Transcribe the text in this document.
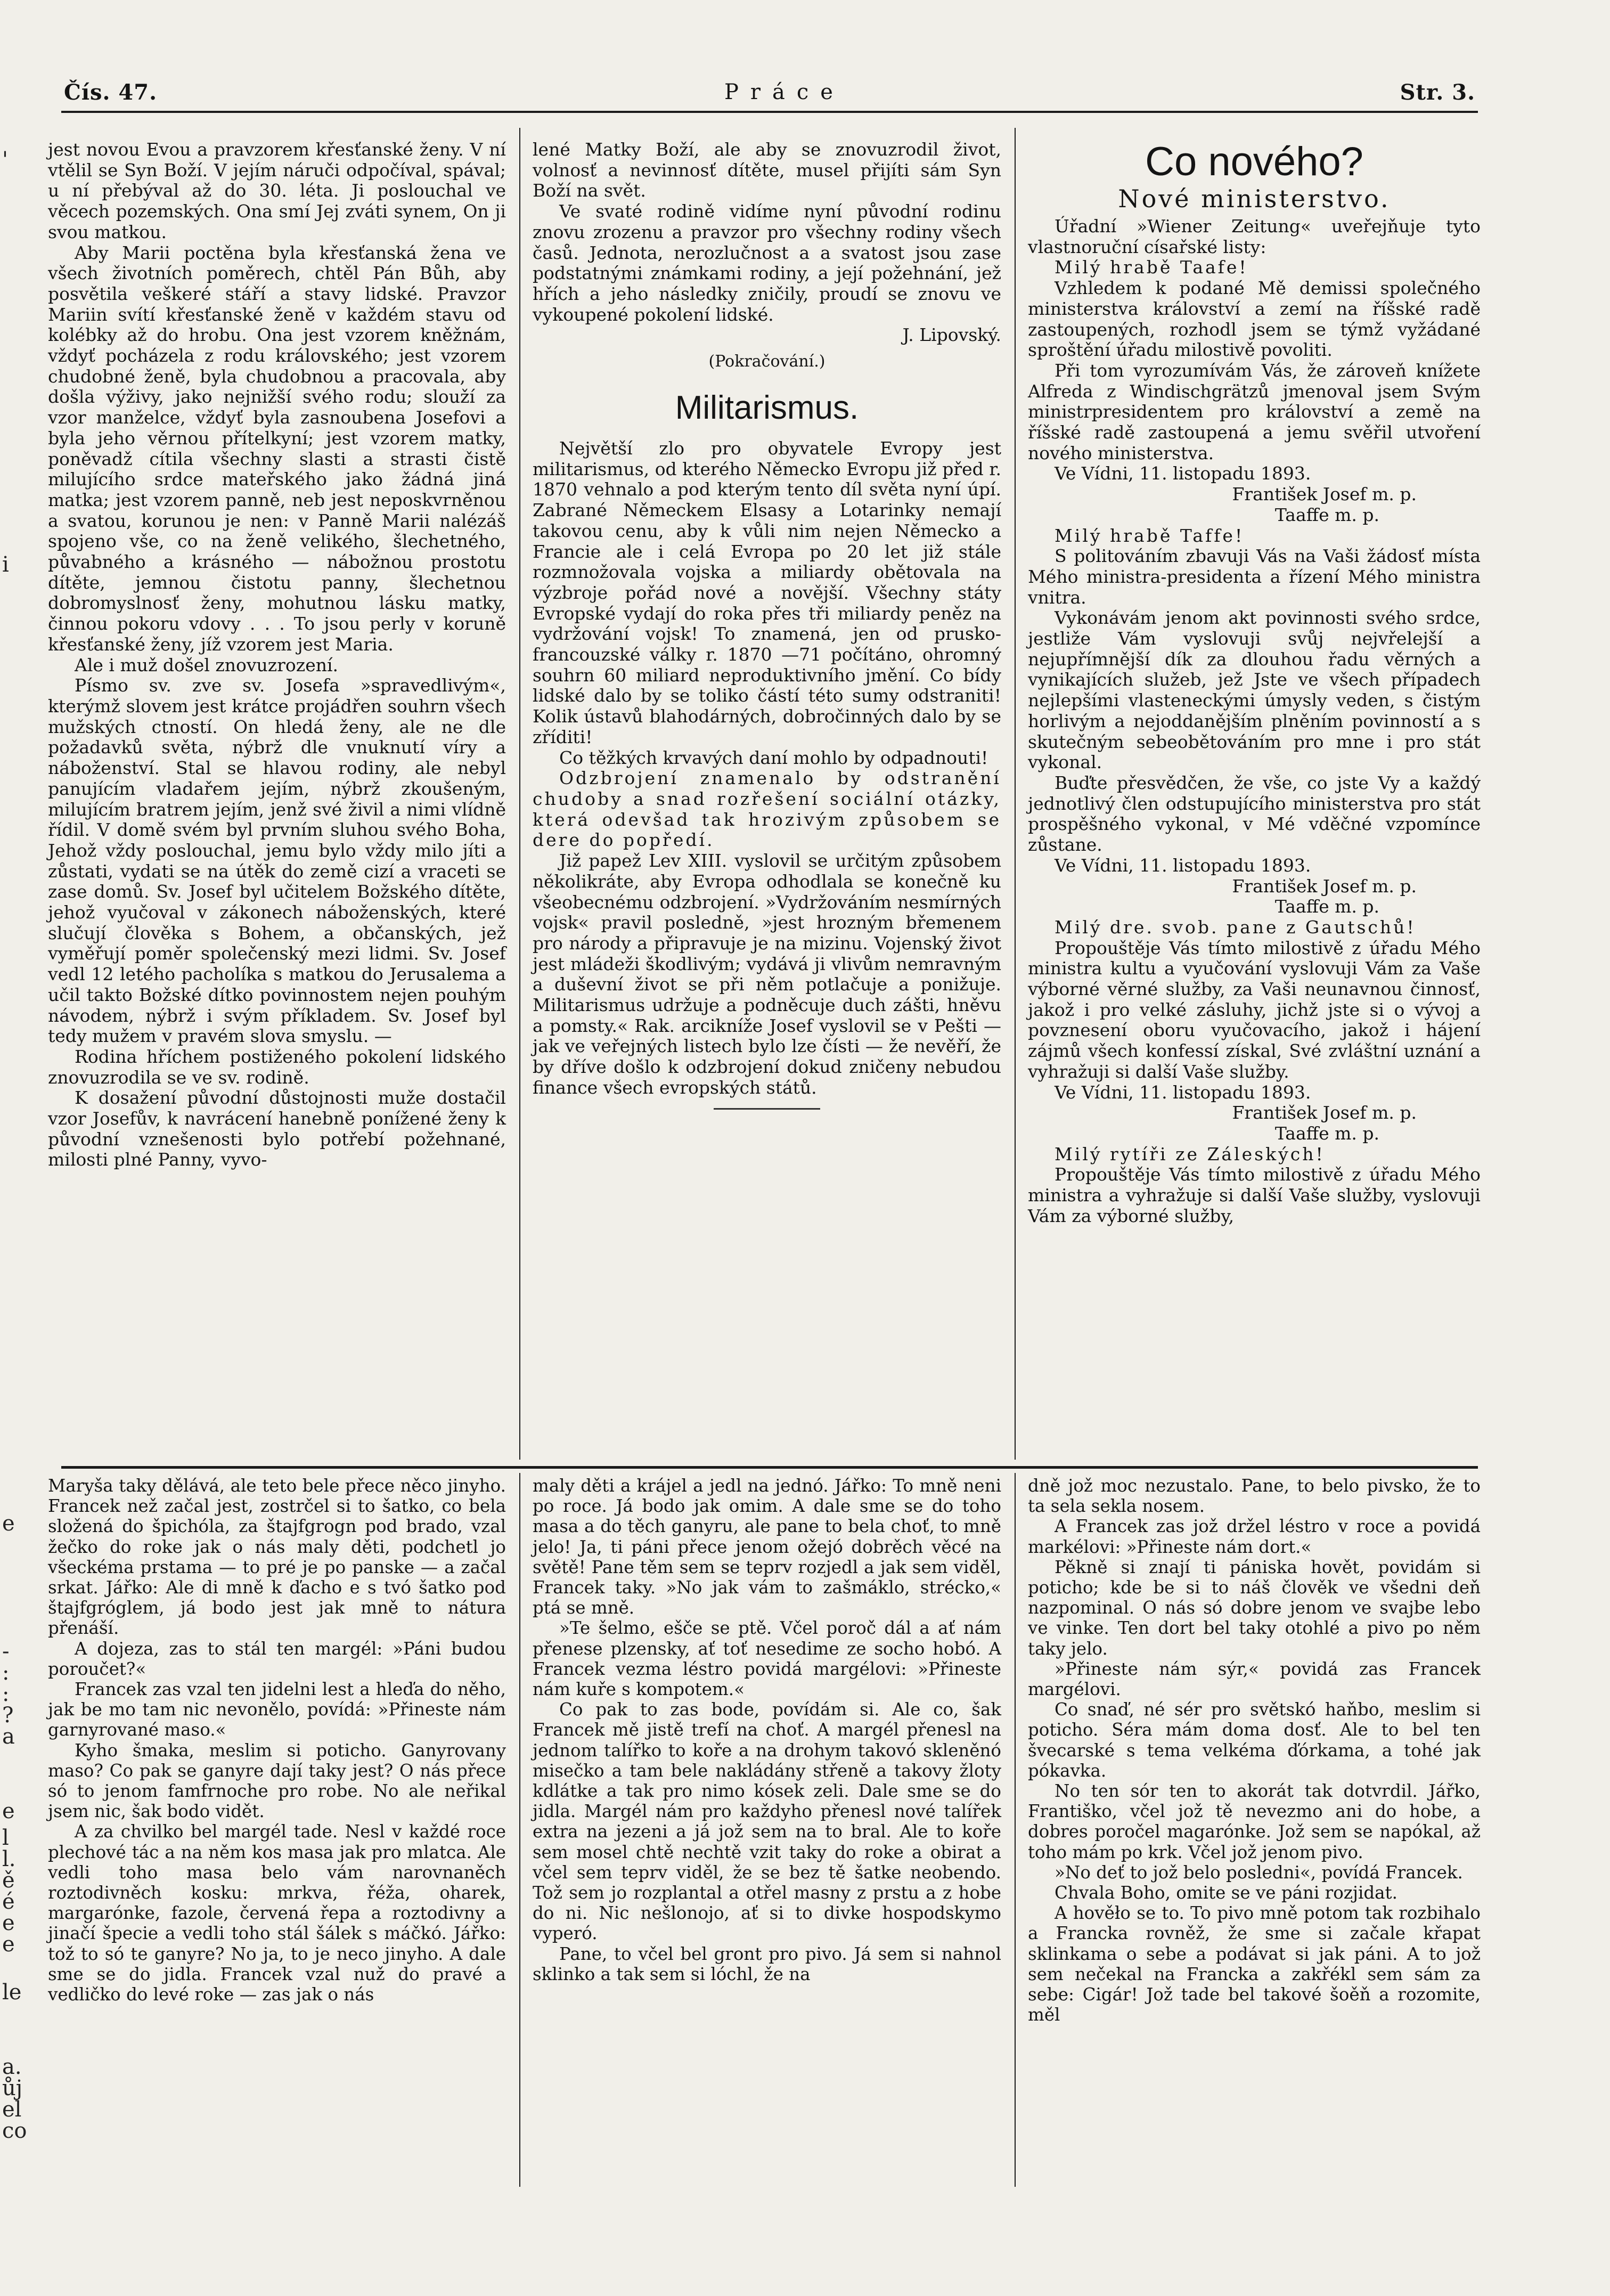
'
i
e
-
:
:
?
a
e
l
l.
ě
é
e
e
le
a.
ůj
el
co
Čís. 47.	Práce	Str. 3.

jest novou Evou a pravzorem křesťanské ženy. V ní vtělil se Syn Boží. V jejím náruči odpočíval, spával; u ní přebýval až do 30. léta. Ji poslouchal ve věcech pozemských. Ona smí Jej zváti synem, On ji svou matkou.

Aby Marii poctěna byla křesťanská žena ve všech životních poměrech, chtěl Pán Bůh, aby posvětila veškeré stáří a stavy lidské. Pravzor Mariin svítí křesťanské ženě v každém stavu od kolébky až do hrobu. Ona jest vzorem kněžnám, vždyť pocházela z rodu královského; jest vzorem chudobné ženě, byla chudobnou a pracovala, aby došla výživy, jako nejnižší svého rodu; slouží za vzor manželce, vždyť byla zasnoubena Josefovi a byla jeho věrnou přítelkyní; jest vzorem matky, poněvadž cítila všechny slasti a strasti čistě milujícího srdce mateřského jako žádná jiná matka; jest vzorem panně, neb jest neposkvrněnou a svatou, korunou je nen: v Panně Marii nalézáš spojeno vše, co na ženě velikého, šlechetného, půvabného a krásného — nábožnou prostotu dítěte, jemnou čistotu panny, šlechetnou dobromyslnosť ženy, mohutnou lásku matky, činnou pokoru vdovy . . . To jsou perly v koruně křesťanské ženy, jíž vzorem jest Maria.

Ale i muž došel znovuzrození.

Písmo sv. zve sv. Josefa »spravedlivým«, kterýmž slovem jest krátce projádřen souhrn všech mužských ctností. On hledá ženy, ale ne dle požadavků světa, nýbrž dle vnuknutí víry a náboženství. Stal se hlavou rodiny, ale nebyl panujícím vladařem jejím, nýbrž zkoušeným, milujícím bratrem jejím, jenž své živil a nimi vlídně řídil. V domě svém byl prvním sluhou svého Boha, Jehož vždy poslouchal, jemu bylo vždy milo jíti a zůstati, vydati se na útěk do země cizí a vraceti se zase domů. Sv. Josef byl učitelem Božského dítěte, jehož vyučoval v zákonech náboženských, které slučují člověka s Bohem, a občanských, jež vyměřují poměr společenský mezi lidmi. Sv. Josef vedl 12 letého pacholíka s matkou do Jerusalema a učil takto Božské dítko povinnostem nejen pouhým návodem, nýbrž i svým příkladem. Sv. Josef byl tedy mužem v pravém slova smyslu. —

Rodina hříchem postiženého pokolení lidského znovuzrodila se ve sv. rodině.

K dosažení původní důstojnosti muže dostačil vzor Josefův, k navrácení hanebně ponížené ženy k původní vznešenosti bylo potřebí požehnané, milosti plné Panny, vyvo-

lené Matky Boží, ale aby se znovuzrodil život, volnosť a nevinnosť dítěte, musel přijíti sám Syn Boží na svět.

Ve svaté rodině vidíme nyní původní rodinu znovu zrozenu a pravzor pro všechny rodiny všech časů. Jednota, nerozlučnost a a svatost jsou zase podstatnými známkami rodiny, a její požehnání, jež hřích a jeho následky zničily, proudí se znovu ve vykoupené pokolení lidské.

J. Lipovský.

(Pokračování.)
Militarismus.

Největší zlo pro obyvatele Evropy jest militarismus, od kterého Německo Evropu již před r. 1870 vehnalo a pod kterým tento díl světa nyní úpí. Zabrané Německem Elsasy a Lotarinky nemají takovou cenu, aby k vůli nim nejen Německo a Francie ale i celá Evropa po 20 let již stále rozmnožovala vojska a miliardy obětovala na výzbroje pořád nové a novější. Všechny státy Evropské vydají do roka přes tři miliardy peněz na vydržování vojsk! To znamená, jen od prusko-francouzské války r. 1870 —71 počítáno, ohromný souhrn 60 miliard neproduktivního jmění. Co bídy lidské dalo by se toliko částí této sumy odstraniti! Kolik ústavů blahodárných, dobročinných dalo by se zříditi!

Co těžkých krvavých daní mohlo by odpadnouti!

Odzbrojení znamenalo by odstranění chudoby a snad rozřešení sociální otázky, která odevšad tak hrozivým způsobem se dere do popředí.

Již papež Lev XIII. vyslovil se určitým způsobem několikráte, aby Evropa odhodlala se konečně ku všeobecnému odzbrojení. »Vydržováním nesmírných vojsk« pravil posledně, »jest hrozným břemenem pro národy a připravuje je na mizinu. Vojenský život jest mládeži škodlivým; vydává ji vlivům nemravným a duševní život se při něm potlačuje a ponižuje. Militarismus udržuje a podněcuje duch zášti, hněvu a pomsty.« Rak. arcikníže Josef vyslovil se v Pešti — jak ve veřejných listech bylo lze čísti — že nevěří, že by dříve došlo k odzbrojení dokud zničeny nebudou finance všech evropských států.

Co nového?
Nové ministerstvo.

Úřadní »Wiener Zeitung« uveřejňuje tyto vlastnoruční císařské listy:

Milý hrabě Taafe!

Vzhledem k podané Mě demissi společného ministerstva království a zemí na říšské radě zastoupených, rozhodl jsem se týmž vyžádané sproštění úřadu milostivě povoliti.

Při tom vyrozumívám Vás, že zároveň knížete Alfreda z Windischgrätzů jmenoval jsem Svým ministrpresidentem pro království a země na říšské radě zastoupená a jemu svěřil utvoření nového ministerstva.

Ve Vídni, 11. listopadu 1893.

František Josef m. p.

Taaffe m. p.

Milý hrabě Taffe!

S politováním zbavuji Vás na Vaši žádosť místa Mého ministra-presidenta a řízení Mého ministra vnitra.

Vykonávám jenom akt povinnosti svého srdce, jestliže Vám vyslovuji svůj nejvřelejší a nejupřímnější dík za dlouhou řadu věrných a vynikajících služeb, jež Jste ve všech případech nejlepšími vlasteneckými úmysly veden, s čistým horlivým a nejoddanějším plněním povinností a s skutečným sebeobětováním pro mne i pro stát vykonal.

Buďte přesvědčen, že vše, co jste Vy a každý jednotlivý člen odstupujícího ministerstva pro stát prospěšného vykonal, v Mé vděčné vzpomínce zůstane.

Ve Vídni, 11. listopadu 1893.

František Josef m. p.

Taaffe m. p.

Milý dre. svob. pane z Gautschů!

Propouštěje Vás tímto milostivě z úřadu Mého ministra kultu a vyučování vyslovuji Vám za Vaše výborné věrné služby, za Vaši neunavnou činnosť, jakož i pro velké zásluhy, jichž jste si o vývoj a povznesení oboru vyučovacího, jakož i hájení zájmů všech konfessí získal, Své zvláštní uznání a vyhražuji si další Vaše služby.

Ve Vídni, 11. listopadu 1893.

František Josef m. p.

Taaffe m. p.

Milý rytíři ze Záleských!

Propouštěje Vás tímto milostivě z úřadu Mého ministra a vyhražuje si další Vaše služby, vyslovuji Vám za výborné služby,

Maryša taky dělává, ale teto bele přece něco jinyho. Francek než začal jest, zostrčel si to šatko, co bela složená do špichóla, za štajfgrogn pod brado, vzal žečko do roke jak o nás maly děti, podchetl jo všeckéma prstama — to pré je po panske — a začal srkat. Jářko: Ale di mně k ďacho e s tvó šatko pod štajfgróglem, já bodo jest jak mně to nátura přenáší.

A dojeza, zas to stál ten margél: »Páni budou poroučet?«

Francek zas vzal ten jidelni lest a hleďa do něho, jak be mo tam nic nevonělo, povídá: »Přineste nám garnyrované maso.«

Kyho šmaka, meslim si poticho. Ganyrovany maso? Co pak se ganyre dají taky jest? O nás přece só to jenom famfrnoche pro robe. No ale neřikal jsem nic, šak bodo vidět.

A za chvilko bel margél tade. Nesl v každé roce plechové tác a na něm kos masa jak pro mlatca. Ale vedli toho masa belo vám narovnaněch roztodivněch kosku: mrkva, řéža, oharek, margarónke, fazole, červená řepa a roztodivny a jinačí špecie a vedli toho stál šálek s máčkó. Jářko: tož to só te ganyre? No ja, to je neco jinyho. A dale sme se do jidla. Francek vzal nuž do pravé a vedličko do levé roke — zas jak o nás

maly děti a krájel a jedl na jednó. Jářko: To mně neni po roce. Já bodo jak omim. A dale sme se do toho masa a do těch ganyru, ale pane to bela choť, to mně jelo! Ja, ti páni přece jenom ožejó dobrěch věcé na světě! Pane těm sem se teprv rozjedl a jak sem viděl, Francek taky. »No jak vám to zašmáklo, strécko,« ptá se mně.

»Te šelmo, ešče se ptě. Včel poroč dál a ať nám přenese plzensky, ať toť nesedime ze socho hobó. A Francek vezma léstro povidá margélovi: »Přineste nám kuře s kompotem.«

Co pak to zas bode, povídám si. Ale co, šak Francek mě jistě trefí na choť. A margél přenesl na jednom talířko to koře a na drohym takovó skleněnó misečko a tam bele nakládány střeně a takovy žloty kdlátke a tak pro nimo kósek zeli. Dale sme se do jidla. Margél nám pro každyho přenesl nové talířek extra na jezeni a já jož sem na to bral. Ale to koře sem mosel chtě nechtě vzit taky do roke a obirat a včel sem teprv viděl, že se bez tě šatke neobendo. Tož sem jo rozplantal a otřel masny z prstu a z hobe do ni. Nic nešlonojo, ať si to divke hospodskymo vyperó.

Pane, to včel bel gront pro pivo. Já sem si nahnol sklinko a tak sem si lóchl, že na

dně jož moc nezustalo. Pane, to belo pivsko, že to ta sela sekla nosem.

A Francek zas jož držel léstro v roce a povidá markélovi: »Přineste nám dort.«

Pěkně si znají ti pániska hovět, povidám si poticho; kde be si to náš člověk ve všedni deň nazpominal. O nás só dobre jenom ve svajbe lebo ve vinke. Ten dort bel taky otohlé a pivo po něm taky jelo.

»Přineste nám sýr,« povidá zas Francek margélovi.

Co snaď, né sér pro světskó haňbo, meslim si poticho. Séra mám doma dosť. Ale to bel ten švecarské s tema velkéma ďórkama, a tohé jak pókavka.

No ten sór ten to akorát tak dotvrdil. Jářko, Františko, včel jož tě nevezmo ani do hobe, a dobres poročel magarónke. Jož sem se napókal, až toho mám po krk. Včel jož jenom pivo.

»No deť to jož belo posledni«, povídá Francek.

Chvala Boho, omite se ve páni rozjidat.

A hověło se to. To pivo mně potom tak rozbihalo a Francka rovněž, že sme si začale křapat sklinkama o sebe a podávat si jak páni. A to jož sem nečekal na Francka a zakřékl sem sám za sebe: Cigár! Jož tade bel takové šoěň a rozomite, měl
